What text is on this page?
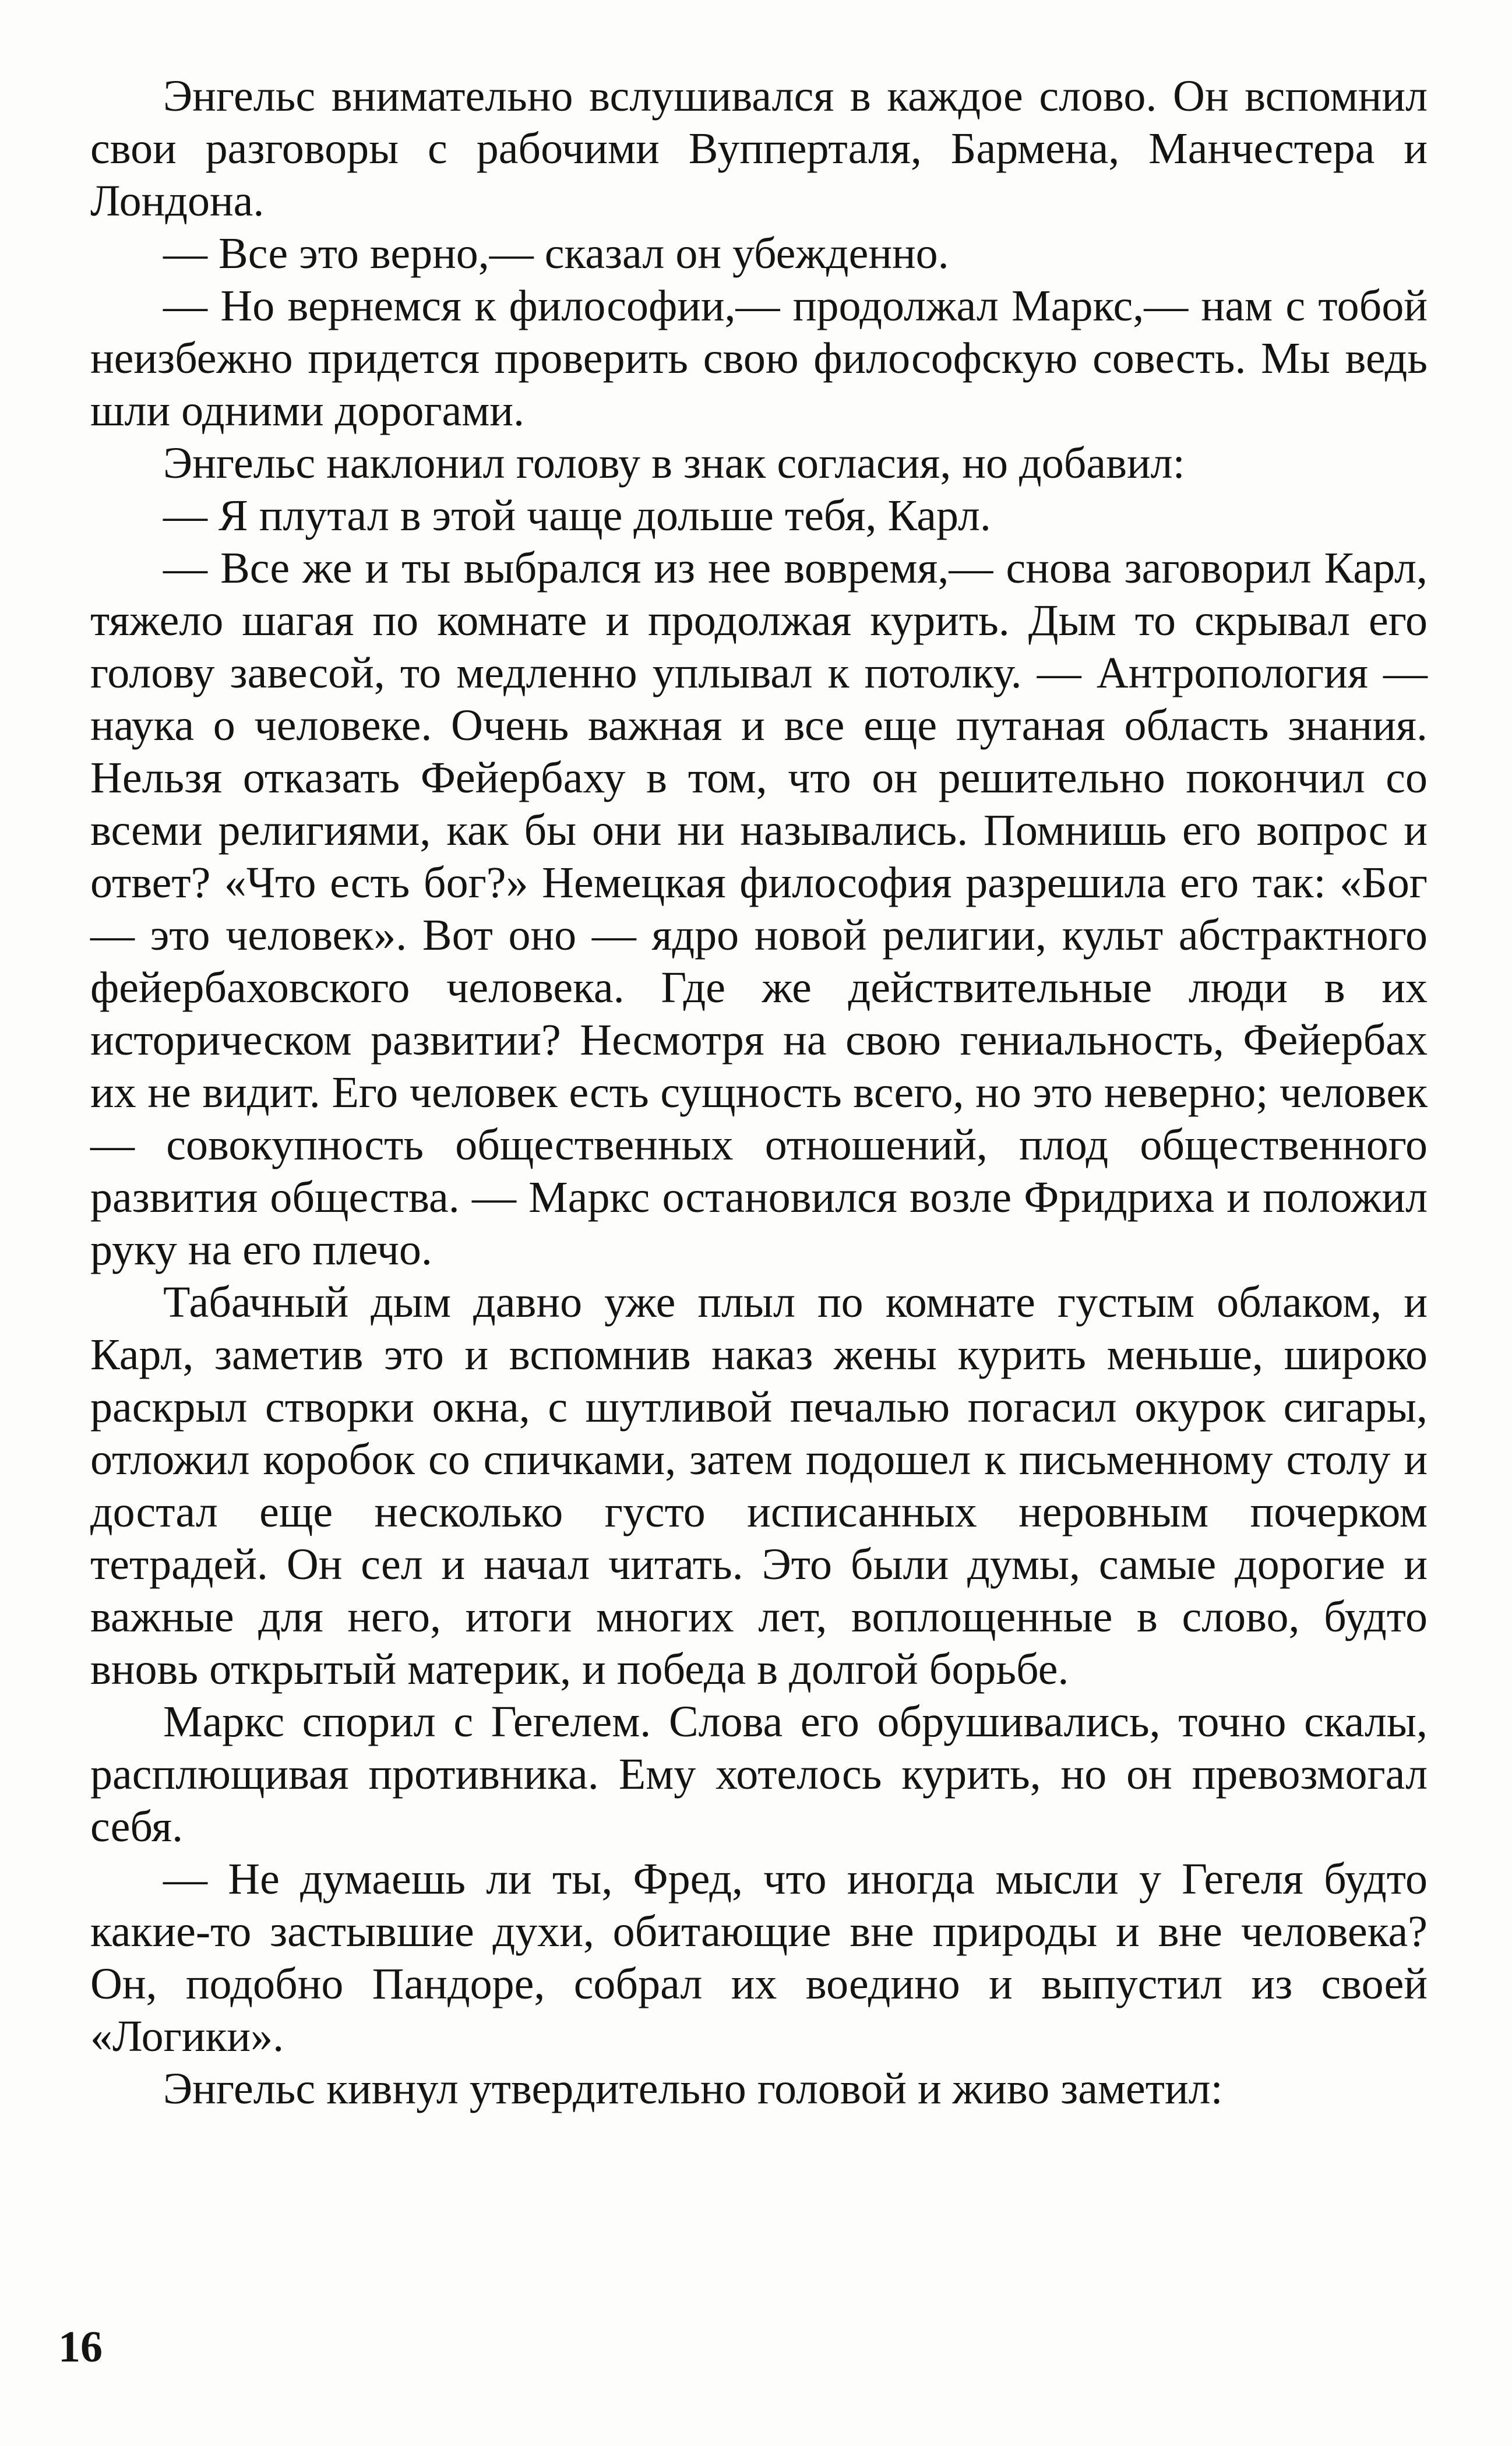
Энгельс внимательно вслушивался в каждое слово. Он вспомнил свои разговоры с рабочими Вупперталя, Бармена, Манчестера и Лондона.

— Все это верно,— сказал он убежденно.

— Но вернемся к философии,— продолжал Маркс,— нам с тобой неизбежно придется проверить свою философскую совесть. Мы ведь шли одними дорогами.

Энгельс наклонил голову в знак согласия, но добавил:

— Я плутал в этой чаще дольше тебя, Карл.

— Все же и ты выбрался из нее вовремя,— снова заговорил Карл, тяжело шагая по комнате и продолжая курить. Дым то скрывал его голову завесой, то медленно уплывал к потолку. — Антропология — наука о человеке. Очень важная и все еще путаная область знания. Нельзя отказать Фейербаху в том, что он решительно покончил со всеми религиями, как бы они ни назывались. Помнишь его вопрос и ответ? «Что есть бог?» Немецкая философия разрешила его так: «Бог — это человек». Вот оно — ядро новой религии, культ абстрактного фейербаховского человека. Где же действительные люди в их историческом развитии? Несмотря на свою гениальность, Фейербах их не видит. Его человек есть сущность всего, но это неверно; человек — совокупность общественных отношений, плод общественного развития общества. — Маркс остановился возле Фридриха и положил руку на его плечо.

Табачный дым давно уже плыл по комнате густым облаком, и Карл, заметив это и вспомнив наказ жены курить меньше, широко раскрыл створки окна, с шутливой печалью погасил окурок сигары, отложил коробок со спичками, затем подошел к письменному столу и достал еще несколько густо исписанных неровным почерком тетрадей. Он сел и начал читать. Это были думы, самые дорогие и важные для него, итоги многих лет, воплощенные в слово, будто вновь открытый материк, и победа в долгой борьбе.

Маркс спорил с Гегелем. Слова его обрушивались, точно скалы, расплющивая противника. Ему хотелось курить, но он превозмогал себя.

— Не думаешь ли ты, Фред, что иногда мысли у Гегеля будто какие-то застывшие духи, обитающие вне природы и вне человека? Он, подобно Пандоре, собрал их воедино и выпустил из своей «Логики».

Энгельс кивнул утвердительно головой и живо заметил:

16
